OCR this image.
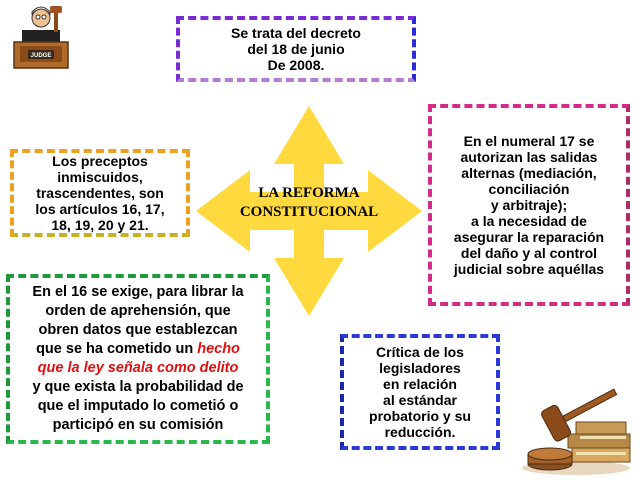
JUDGE
LA REFORMA
CONSTITUCIONAL
Se trata del decreto
del 18 de junio
De 2008.
Los preceptos
inmiscuidos,
trascendentes, son
los artículos 16, 17,
18, 19, 20 y 21.
En el numeral 17 se
autorizan las salidas
alternas (mediación,
conciliación
y arbitraje);
a la necesidad de
asegurar la reparación
del daño y al control
judicial sobre aquéllas
En el 16 se exige, para librar la
orden de aprehensión, que
obren datos que establezcan
que se ha cometido un hecho
que la ley señala como delito
y que exista la probabilidad de
que el imputado lo cometió o
participó en su comisión
Crítica de los
legisladores
en relación
al estándar
probatorio y su
reducción.
